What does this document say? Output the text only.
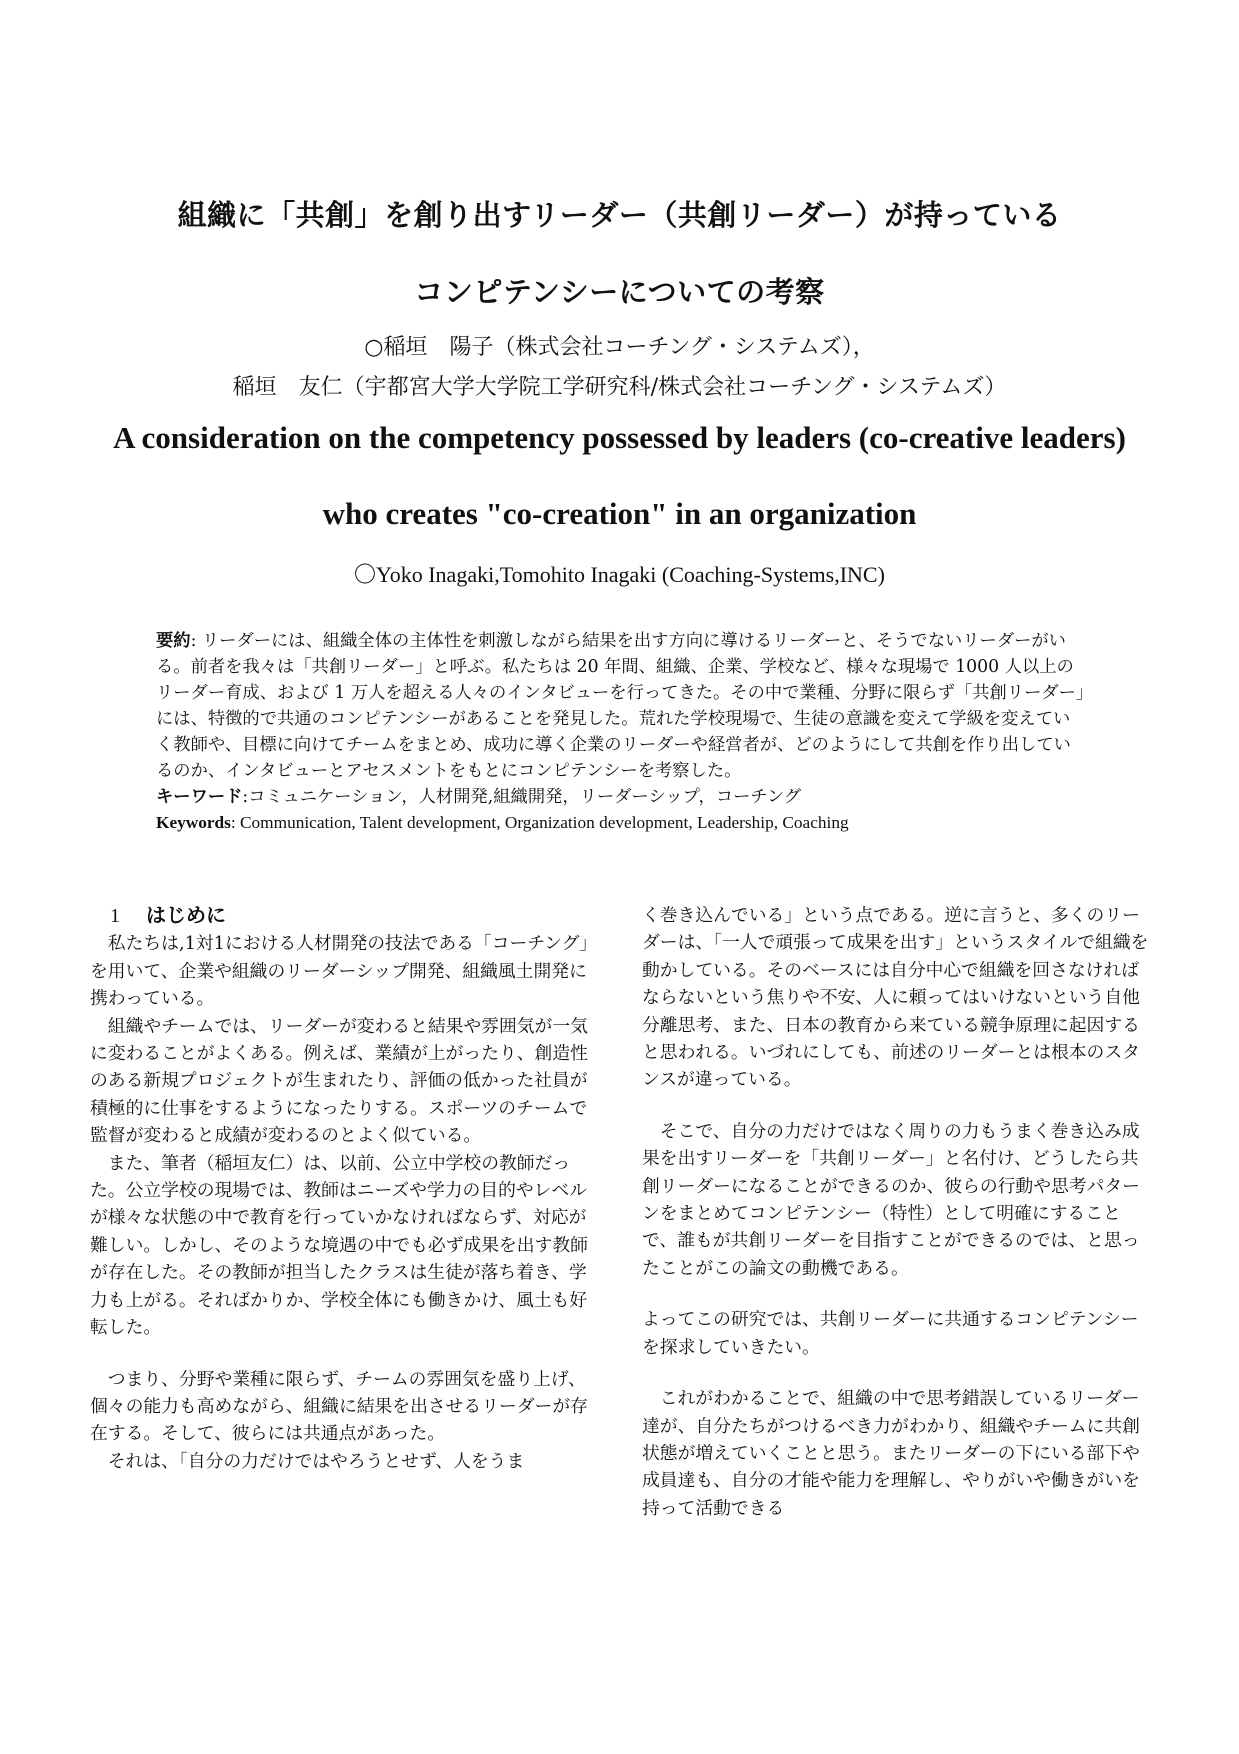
組織に「共創」を創り出すリーダー（共創リーダー）が持っている
コンピテンシーについての考察

○稲垣　陽子（株式会社コーチング・システムズ），

稲垣　友仁（宇都宮大学大学院工学研究科/株式会社コーチング・システムズ）

A consideration on the competency possessed by leaders (co-creative leaders)
who creates "co-creation" in an organization

〇Yoko Inagaki,Tomohito Inagaki (Coaching-Systems,INC)

要約: リーダーには、組織全体の主体性を刺激しながら結果を出す方向に導けるリーダーと、そうでないリーダーがいる。前者を我々は「共創リーダー」と呼ぶ。私たちは 20 年間、組織、企業、学校など、様々な現場で 1000 人以上のリーダー育成、および 1 万人を超える人々のインタビューを行ってきた。その中で業種、分野に限らず「共創リーダー」には、特徴的で共通のコンピテンシーがあることを発見した。荒れた学校現場で、生徒の意識を変えて学級を変えていく教師や、目標に向けてチームをまとめ、成功に導く企業のリーダーや経営者が、どのようにして共創を作り出しているのか、インタビューとアセスメントをもとにコンピテンシーを考察した。

キーワード:コミュニケーション，人材開発,組織開発，リーダーシップ，コーチング

Keywords: Communication, Talent development, Organization development, Leadership, Coaching

1 はじめに

私たちは,1対1における人材開発の技法である「コーチング」を用いて、企業や組織のリーダーシップ開発、組織風土開発に携わっている。

組織やチームでは、リーダーが変わると結果や雰囲気が一気に変わることがよくある。例えば、業績が上がったり、創造性のある新規プロジェクトが生まれたり、評価の低かった社員が積極的に仕事をするようになったりする。スポーツのチームで監督が変わると成績が変わるのとよく似ている。

また、筆者（稲垣友仁）は、以前、公立中学校の教師だった。公立学校の現場では、教師はニーズや学力の目的やレベルが様々な状態の中で教育を行っていかなければならず、対応が難しい。しかし、そのような境遇の中でも必ず成果を出す教師が存在した。その教師が担当したクラスは生徒が落ち着き、学力も上がる。そればかりか、学校全体にも働きかけ、風土も好転した。

つまり、分野や業種に限らず、チームの雰囲気を盛り上げ、個々の能力も高めながら、組織に結果を出させるリーダーが存在する。そして、彼らには共通点があった。

それは、「自分の力だけではやろうとせず、人をうま

く巻き込んでいる」という点である。逆に言うと、多くのリーダーは、「一人で頑張って成果を出す」というスタイルで組織を動かしている。そのベースには自分中心で組織を回さなければならないという焦りや不安、人に頼ってはいけないという自他分離思考、また、日本の教育から来ている競争原理に起因すると思われる。いづれにしても、前述のリーダーとは根本のスタンスが違っている。

そこで、自分の力だけではなく周りの力もうまく巻き込み成果を出すリーダーを「共創リーダー」と名付け、どうしたら共創リーダーになることができるのか、彼らの行動や思考パターンをまとめてコンピテンシー（特性）として明確にすることで、誰もが共創リーダーを目指すことができるのでは、と思ったことがこの論文の動機である。

よってこの研究では、共創リーダーに共通するコンピテンシーを探求していきたい。

これがわかることで、組織の中で思考錯誤しているリーダー達が、自分たちがつけるべき力がわかり、組織やチームに共創状態が増えていくことと思う。またリーダーの下にいる部下や成員達も、自分の才能や能力を理解し、やりがいや働きがいを持って活動できる
